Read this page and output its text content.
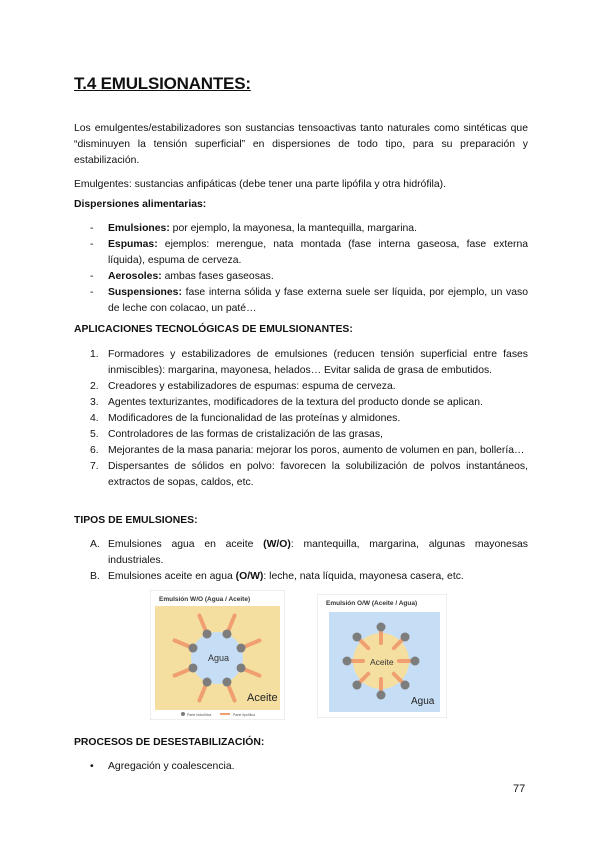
T.4 EMULSIONANTES:
Los emulgentes/estabilizadores son sustancias tensoactivas tanto naturales como sintéticas que “disminuyen la tensión superficial” en dispersiones de todo tipo, para su preparación y estabilización.
Emulgentes: sustancias anfipáticas (debe tener una parte lipófila y otra hidrófila).
Dispersiones alimentarias:
- Emulsiones: por ejemplo, la mayonesa, la mantequilla, margarina.
- Espumas: ejemplos: merengue, nata montada (fase interna gaseosa, fase externa líquida), espuma de cerveza.
- Aerosoles: ambas fases gaseosas.
- Suspensiones: fase interna sólida y fase externa suele ser líquida, por ejemplo, un vaso de leche con colacao, un paté…
APLICACIONES TECNOLÓGICAS DE EMULSIONANTES:
1. Formadores y estabilizadores de emulsiones (reducen tensión superficial entre fases inmiscibles): margarina, mayonesa, helados… Evitar salida de grasa de embutidos.
2. Creadores y estabilizadores de espumas: espuma de cerveza.
3. Agentes texturizantes, modificadores de la textura del producto donde se aplican.
4. Modificadores de la funcionalidad de las proteínas y almidones.
5. Controladores de las formas de cristalización de las grasas,
6. Mejorantes de la masa panaria: mejorar los poros, aumento de volumen en pan, bollería…
7. Dispersantes de sólidos en polvo: favorecen la solubilización de polvos instantáneos, extractos de sopas, caldos, etc.
TIPOS DE EMULSIONES:
A. Emulsiones agua en aceite (W/O): mantequilla, margarina, algunas mayonesas industriales.
B. Emulsiones aceite en agua (O/W): leche, nata líquida, mayonesa casera, etc.
Emulsión W/O (Agua / Aceite)
Agua
Aceite
Parte hidrofílica	Parte lipofílica
Emulsión O/W (Aceite / Agua)
Aceite
Agua
PROCESOS DE DESESTABILIZACIÓN:
• Agregación y coalescencia.
77
